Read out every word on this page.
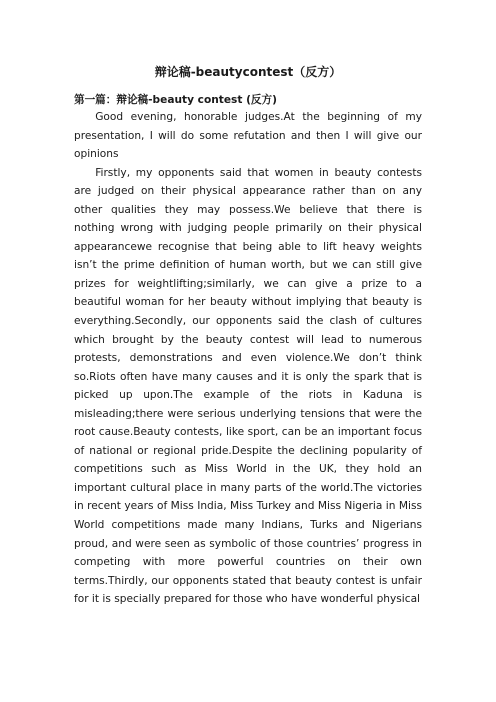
辩论稿-beautycontest（反方）
第一篇：辩论稿-beauty contest (反方)

Good evening, honorable judges.At the beginning of my presentation, I will do some refutation and then I will give our opinions

Firstly, my opponents said that women in beauty contests are judged on their physical appearance rather than on any other qualities they may possess.We believe that there is nothing wrong with judging people primarily on their physical appearancewe recognise that being able to lift heavy weights isn’t the prime definition of human worth, but we can still give prizes for weightlifting;similarly, we can give a prize to a beautiful woman for her beauty without implying that beauty is everything.Secondly, our opponents said the clash of cultures which brought by the beauty contest will lead to numerous protests, demonstrations and even violence.We don’t think so.Riots often have many causes and it is only the spark that is picked up upon.The example of the riots in Kaduna is misleading;there were serious underlying tensions that were the root cause.Beauty contests, like sport, can be an important focus of national or regional pride.Despite the declining popularity of competitions such as Miss World in the UK, they hold an important cultural place in many parts of the world.The victories in recent years of Miss India, Miss Turkey and Miss Nigeria in Miss World competitions made many Indians, Turks and Nigerians proud, and were seen as symbolic of those countries’ progress in competing with more powerful countries on their own terms.Thirdly, our opponents stated that beauty contest is unfair for it is specially prepared for those who have wonderful physical
